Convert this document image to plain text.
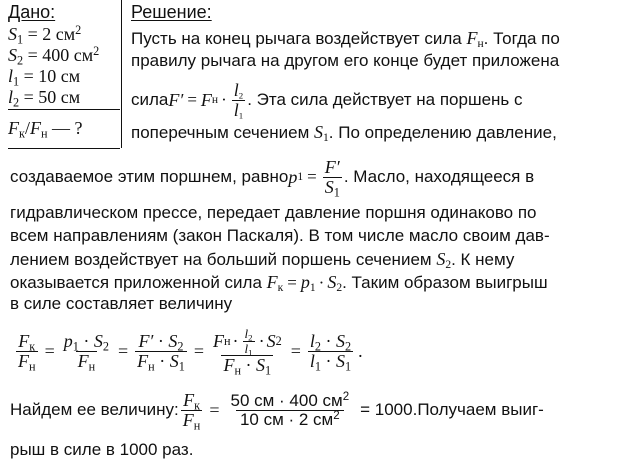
Дано:
$S_1 = 2$ $см^2$
$S_2 = 400$ $см^2$
$l_1 = 10$ см
$l_2 = 50$ см
$F_к/F_н$ — ?
Решение:
Пусть на конец рычага воздействует сила $F_н$. Тогда по
правилу рычага на другом его конце будет приложена
сила F′ = F $н \cdot \frac{l_2}{l_1}$ . Эта сила действует на поршень с
поперечным сечением $S_1$. По определению давление,
создаваемое этим поршнем, равно p $1 = \frac{F'}{S_1}$ . Масло, находящееся в
гидравлическом прессе, передает давление поршня одинаково по
всем направлениям (закон Паскаля). В том числе масло своим дав-
лением воздействует на больший поршень сечением $S_2$. К нему
оказывается приложенной сила $F_к = p_1 \cdot S_2$. Таким образом выигрыш
в силе составляет величину
$\frac{F_к}{F_н} = \frac{p_1 \cdot S_2}{F_н} = \frac{F' \cdot S_2}{F_н \cdot S_1} = F$ $н \cdot \frac{l_2}{l_1} \cdot S$ 2
$F_н \cdot S_1$
= $\frac{l_2 \cdot S_2}{l_1 \cdot S_1}$ .
Найдем ее величину: $\frac{F_к}{F_н} = \frac{50 см \cdot 400 см^2}{10 см \cdot 2 см^2} = 1000$. Получаем выиг-
рыш в силе в 1000 раз.
